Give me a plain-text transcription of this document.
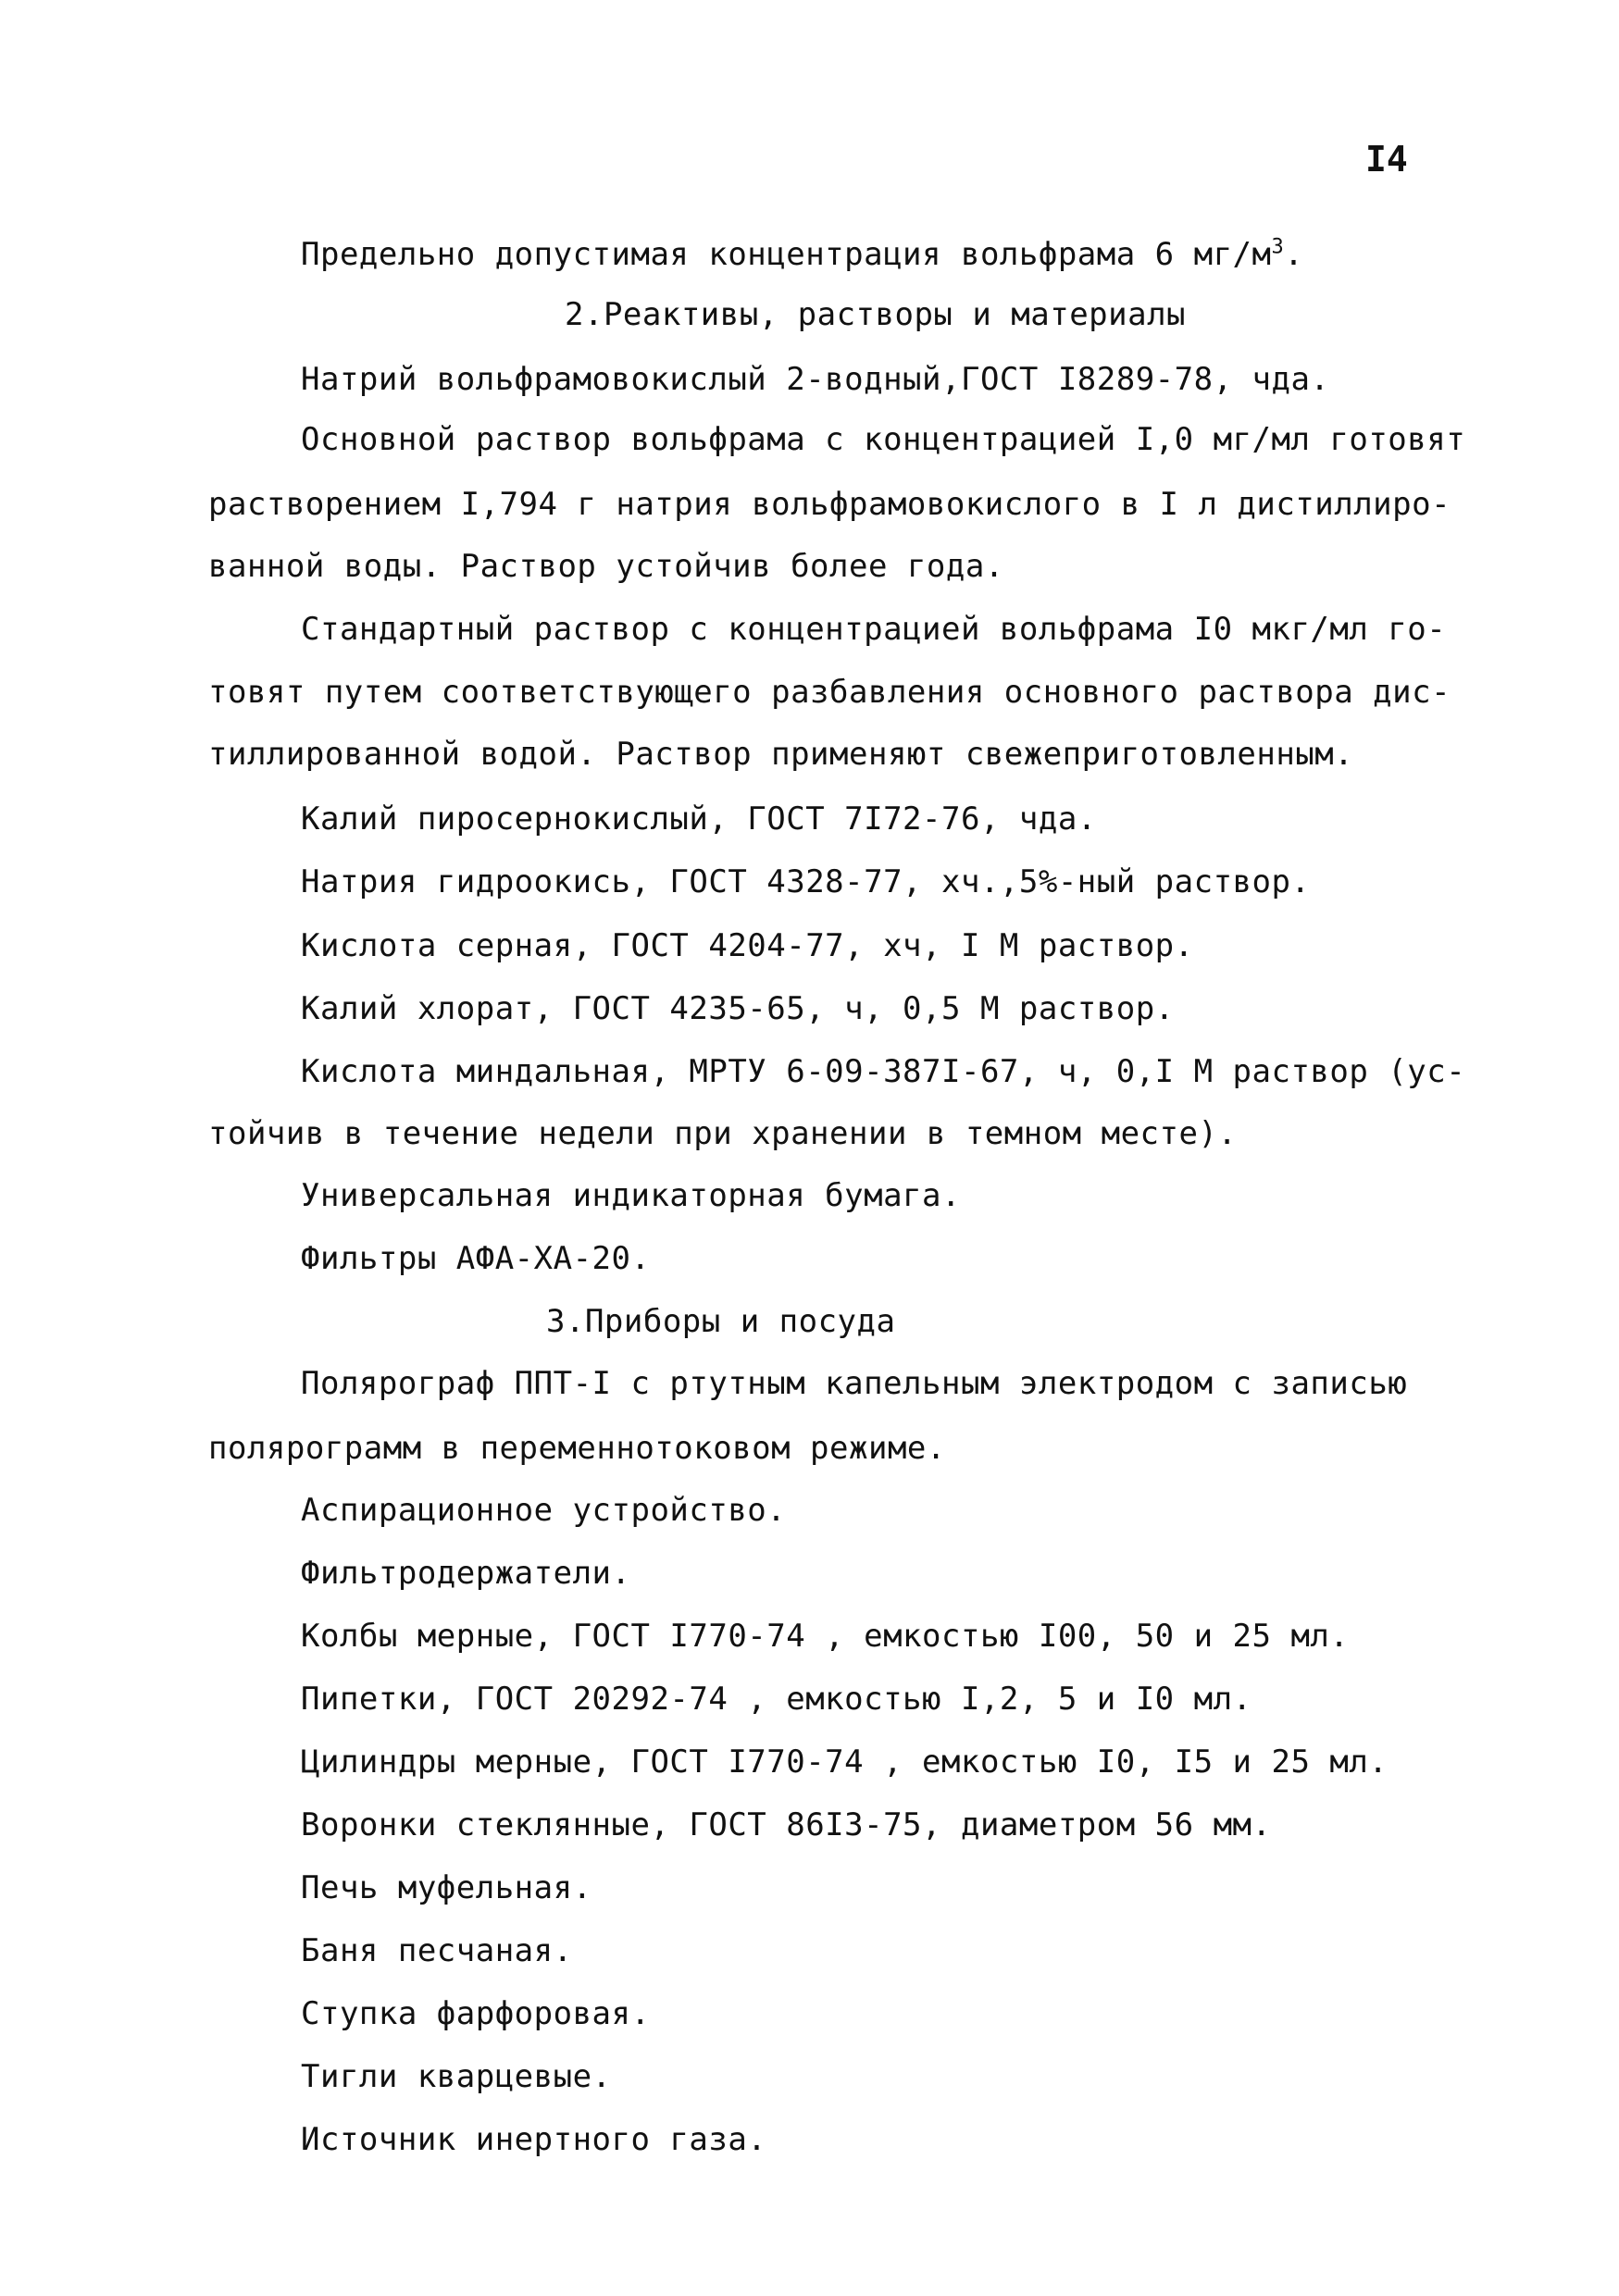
I4
Предельно допустимая концентрация вольфрама 6 $мг/м^3$.
2.Реактивы, растворы и материалы
Натрий вольфрамовокислый 2-водный,ГОСТ I8289-78, чда.
Основной раствор вольфрама с концентрацией I,0 мг/мл готовят
растворением I,794 г натрия вольфрамовокислого в I л дистиллиро-
ванной воды. Раствор устойчив более года.
Стандартный раствор с концентрацией вольфрама I0 мкг/мл го-
товят путем соответствующего разбавления основного раствора дис-
тиллированной водой. Раствор применяют свежеприготовленным.
Калий пиросернокислый, ГОСТ 7I72-76, чда.
Натрия гидроокись, ГОСТ 4328-77, хч.,5%-ный раствор.
Кислота серная, ГОСТ 4204-77, хч, I М раствор.
Калий хлорат, ГОСТ 4235-65, ч, 0,5 М раствор.
Кислота миндальная, МРТУ 6-09-387I-67, ч, 0,I М раствор (ус-
тойчив в течение недели при хранении в темном месте).
Универсальная индикаторная бумага.
Фильтры АФА-ХА-20.
3.Приборы и посуда
Полярограф ППТ-I с ртутным капельным электродом с записью
полярограмм в переменнотоковом режиме.
Аспирационное устройство.
Фильтродержатели.
Колбы мерные, ГОСТ I770-74 , емкостью I00, 50 и 25 мл.
Пипетки, ГОСТ 20292-74 , емкостью I,2, 5 и I0 мл.
Цилиндры мерные, ГОСТ I770-74 , емкостью I0, I5 и 25 мл.
Воронки стеклянные, ГОСТ 86I3-75, диаметром 56 мм.
Печь муфельная.
Баня песчаная.
Ступка фарфоровая.
Тигли кварцевые.
Источник инертного газа.
